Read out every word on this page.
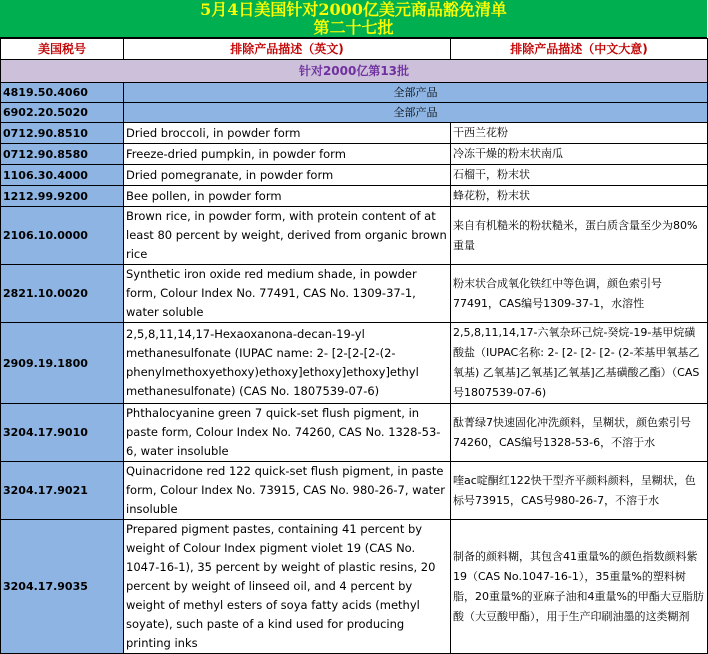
5月4日美国针对2000亿美元商品豁免清单
第二十七批
美国税号	排除产品描述（英文)	排除产品描述（中文大意)
针对2000亿第13批		
4819.50.4060	全部产品	
6902.20.5020	全部产品	
0712.90.8510	Dried broccoli, in powder form	干西兰花粉
0712.90.8580	Freeze-dried pumpkin, in powder form	冷冻干燥的粉末状南瓜
1106.30.4000	Dried pomegranate, in powder form	石榴干，粉末状
1212.99.9200	Bee pollen, in powder form	蜂花粉，粉末状
2106.10.0000	Brown rice, in powder form, with protein content of at least 80 percent by weight, derived from organic brown rice	来自有机糙米的粉状糙米，蛋白质含量至少为80%重量
2821.10.0020	Synthetic iron oxide red medium shade, in powder form, Colour Index No. 77491, CAS No. 1309-37-1, water soluble	粉末状合成氧化铁红中等色调，颜色索引号77491，CAS编号1309-37-1，水溶性
2909.19.1800	2,5,8,11,14,17-Hexaoxanona-decan-19-yl methanesulfonate (IUPAC name: 2- [2-[2-[2-(2-phenylmethoxyethoxy)ethoxy]ethoxy]ethoxy]ethyl methanesulfonate) (CAS No. 1807539-07-6)	2,5,8,11,14,17-六氧杂环己烷-癸烷-19-基甲烷磺酸盐（IUPAC名称: 2- [2- [2- [2- (2-苯基甲氧基乙氧基) 乙氧基]乙氧基]乙氧基]乙基磺酸乙酯）（CAS号1807539-07-6)
3204.17.9010	Phthalocyanine green 7 quick-set flush pigment, in paste form, Colour Index No. 74260, CAS No. 1328-53-6, water insoluble	酞菁绿7快速固化冲洗颜料，呈糊状，颜色索引号74260，CAS编号1328-53-6，不溶于水
3204.17.9021	Quinacridone red 122 quick-set flush pigment, in paste form, Colour Index No. 73915, CAS No. 980-26-7, water insoluble	喹ac啶酮红122快干型齐平颜料颜料，呈糊状，色标号73915，CAS号980-26-7，不溶于水
3204.17.9035	Prepared pigment pastes, containing 41 percent by weight of Colour Index pigment violet 19 (CAS No. 1047-16-1), 35 percent by weight of plastic resins, 20 percent by weight of linseed oil, and 4 percent by weight of methyl esters of soya fatty acids (methyl soyate), such paste of a kind used for producing printing inks	制备的颜料糊，其包含41重量%的颜色指数颜料紫19（CAS No.1047-16-1），35重量%的塑料树脂，20重量%的亚麻子油和4重量%的甲酯大豆脂肪酸（大豆酸甲酯），用于生产印刷油墨的这类糊剂
